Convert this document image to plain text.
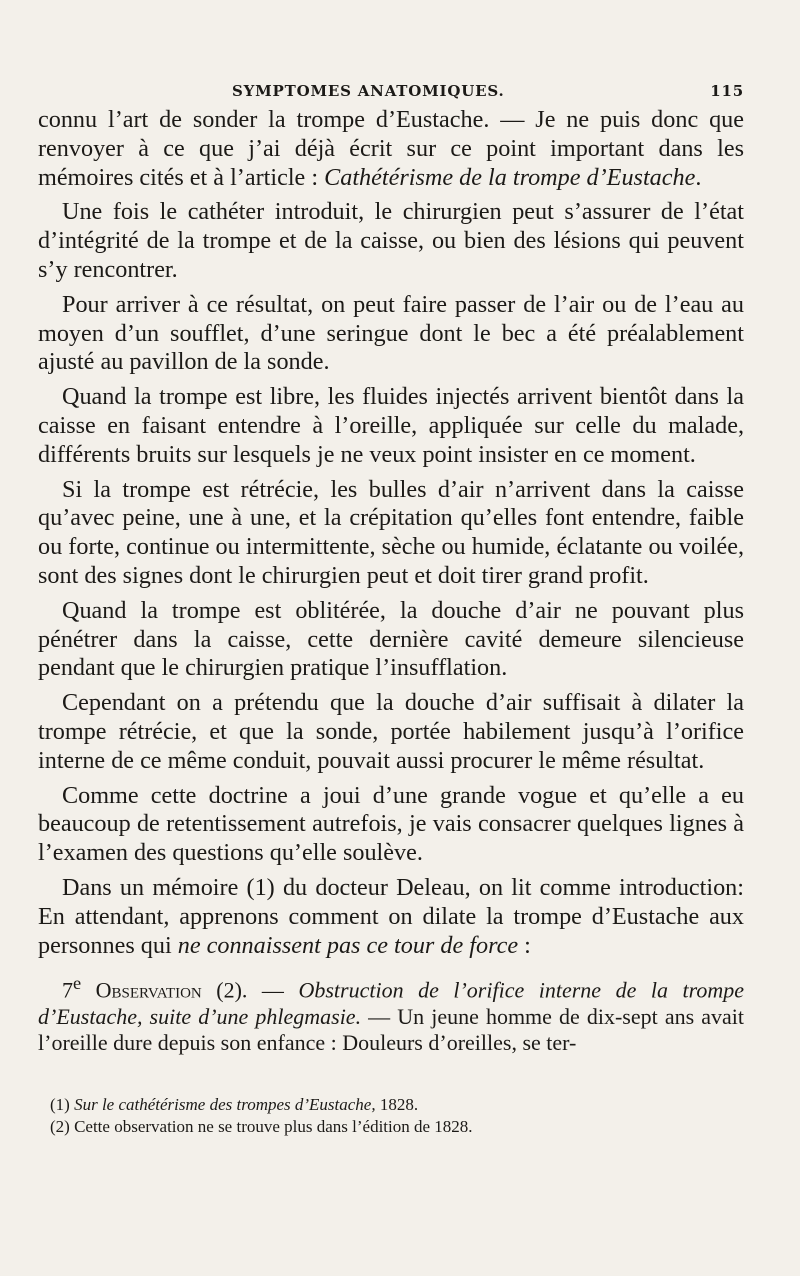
SYMPTOMES ANATOMIQUES.	115

connu l’art de sonder la trompe d’Eustache. — Je ne puis donc que renvoyer à ce que j’ai déjà écrit sur ce point important dans les mémoires cités et à l’article : Cathétérisme de la trompe d’Eustache.

Une fois le cathéter introduit, le chirurgien peut s’assurer de l’état d’intégrité de la trompe et de la caisse, ou bien des lésions qui peuvent s’y rencontrer.

Pour arriver à ce résultat, on peut faire passer de l’air ou de l’eau au moyen d’un soufflet, d’une seringue dont le bec a été préalablement ajusté au pavillon de la sonde.

Quand la trompe est libre, les fluides injectés arrivent bientôt dans la caisse en faisant entendre à l’oreille, appliquée sur celle du malade, différents bruits sur lesquels je ne veux point insister en ce moment.

Si la trompe est rétrécie, les bulles d’air n’arrivent dans la caisse qu’avec peine, une à une, et la crépitation qu’elles font entendre, faible ou forte, continue ou intermittente, sèche ou humide, éclatante ou voilée, sont des signes dont le chirurgien peut et doit tirer grand profit.

Quand la trompe est oblitérée, la douche d’air ne pouvant plus pénétrer dans la caisse, cette dernière cavité demeure silencieuse pendant que le chirurgien pratique l’insufflation.

Cependant on a prétendu que la douche d’air suffisait à dilater la trompe rétrécie, et que la sonde, portée habilement jusqu’à l’orifice interne de ce même conduit, pouvait aussi procurer le même résultat.

Comme cette doctrine a joui d’une grande vogue et qu’elle a eu beaucoup de retentissement autrefois, je vais consacrer quelques lignes à l’examen des questions qu’elle soulève.

Dans un mémoire (1) du docteur Deleau, on lit comme introduction: En attendant, apprenons comment on dilate la trompe d’Eustache aux personnes qui ne connaissent pas ce tour de force :

7e Observation (2). — Obstruction de l’orifice interne de la trompe d’Eustache, suite d’une phlegmasie. — Un jeune homme de dix-sept ans avait l’oreille dure depuis son enfance : Douleurs d’oreilles, se ter-
(1) Sur le cathétérisme des trompes d’Eustache, 1828.
(2) Cette observation ne se trouve plus dans l’édition de 1828.
